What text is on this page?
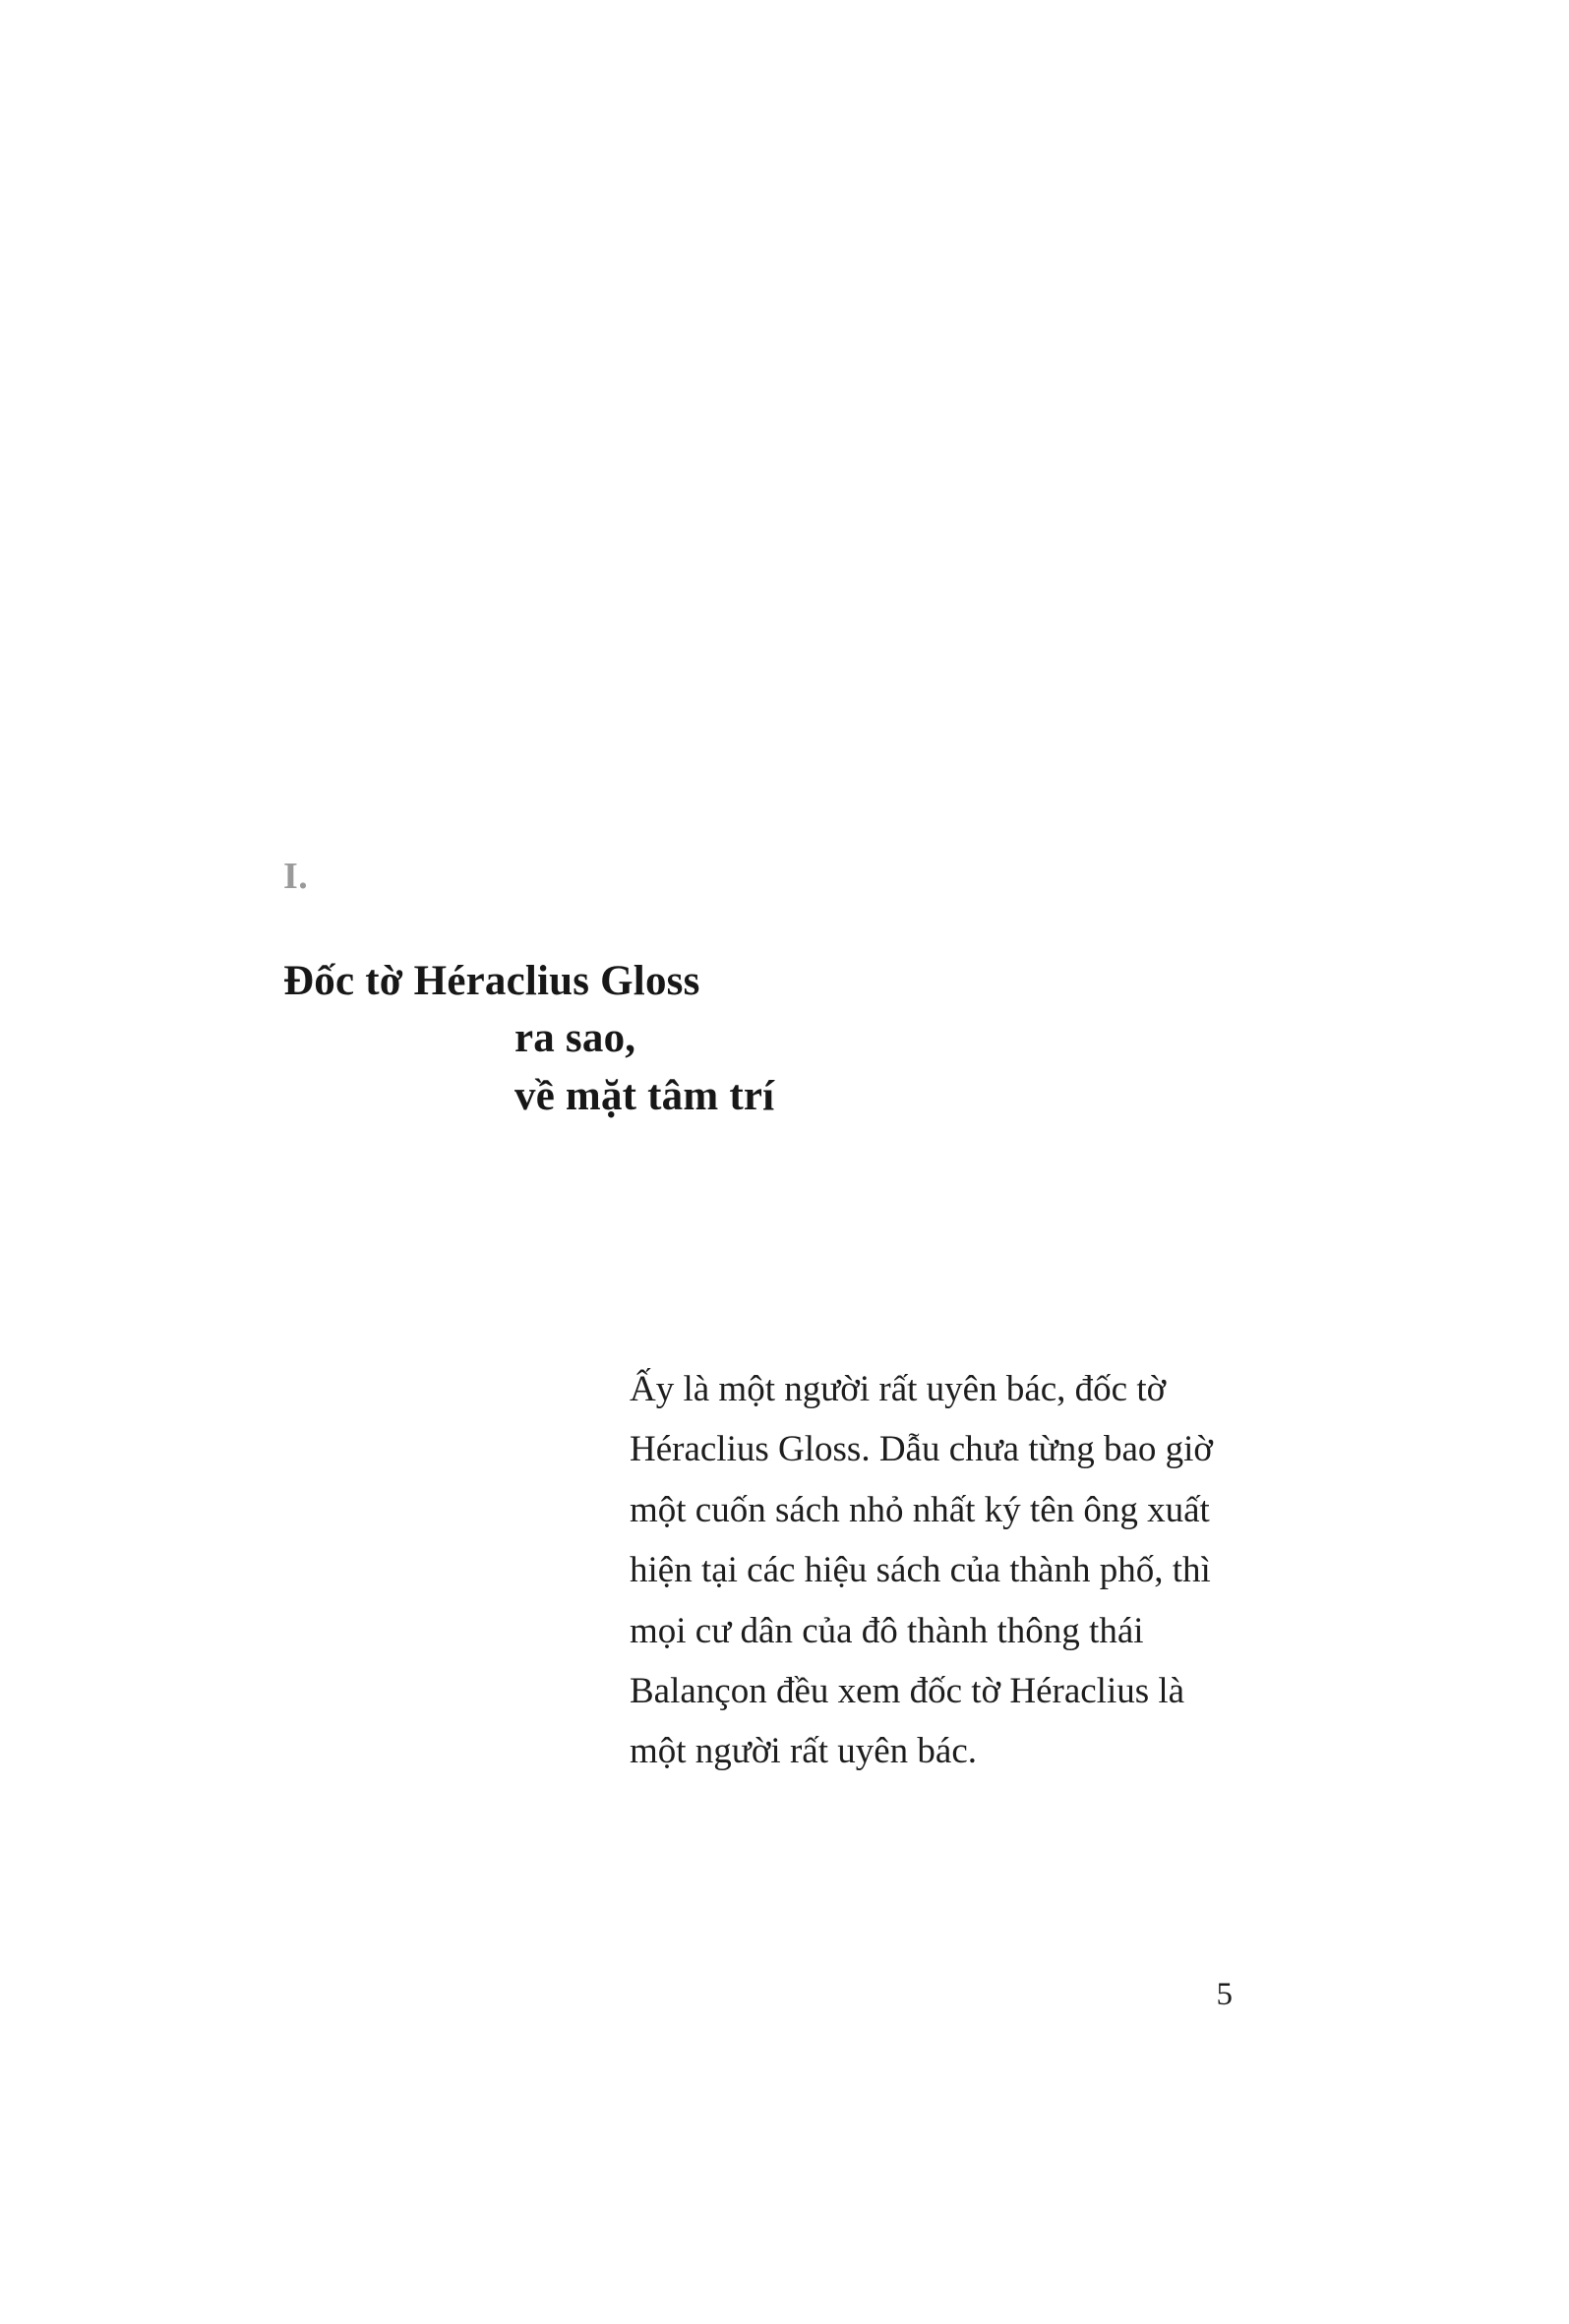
I.
Đốc tờ Héraclius Gloss
ra sao,
về mặt tâm trí

Ấy là một người rất uyên bác, đốc tờ Héraclius Gloss. Dẫu chưa từng bao giờ một cuốn sách nhỏ nhất ký tên ông xuất hiện tại các hiệu sách của thành phố, thì mọi cư dân của đô thành thông thái Balançon đều xem đốc tờ Héraclius là một người rất uyên bác.

5
